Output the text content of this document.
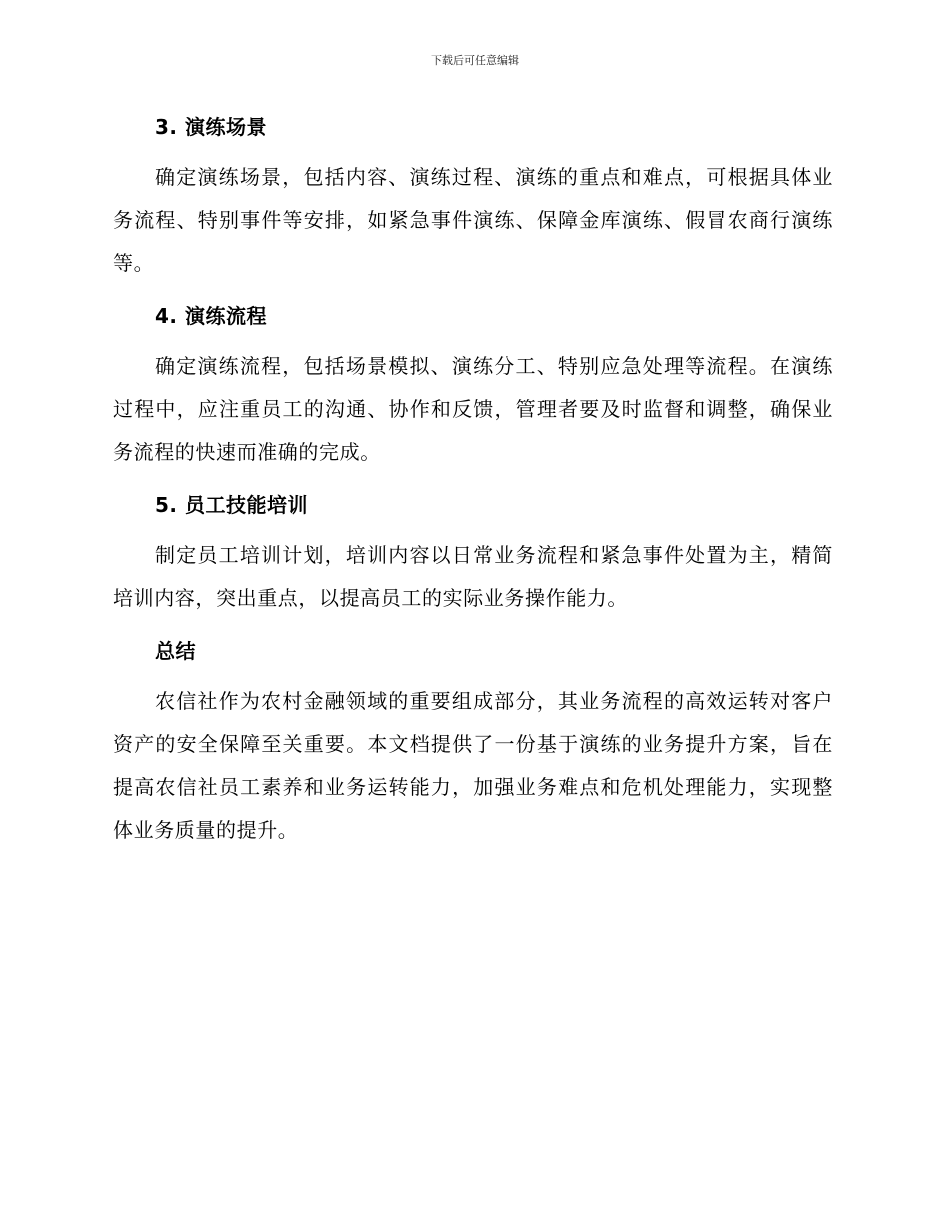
下载后可任意编辑
3. 演练场景

确定演练场景，包括内容、演练过程、演练的重点和难点，可根据具体业务流程、特别事件等安排，如紧急事件演练、保障金库演练、假冒农商行演练等。

4. 演练流程

确定演练流程，包括场景模拟、演练分工、特别应急处理等流程。在演练过程中，应注重员工的沟通、协作和反馈，管理者要及时监督和调整，确保业务流程的快速而准确的完成。

5. 员工技能培训

制定员工培训计划，培训内容以日常业务流程和紧急事件处置为主，精简培训内容，突出重点，以提高员工的实际业务操作能力。

总结

农信社作为农村金融领域的重要组成部分，其业务流程的高效运转对客户资产的安全保障至关重要。本文档提供了一份基于演练的业务提升方案，旨在提高农信社员工素养和业务运转能力，加强业务难点和危机处理能力，实现整体业务质量的提升。
